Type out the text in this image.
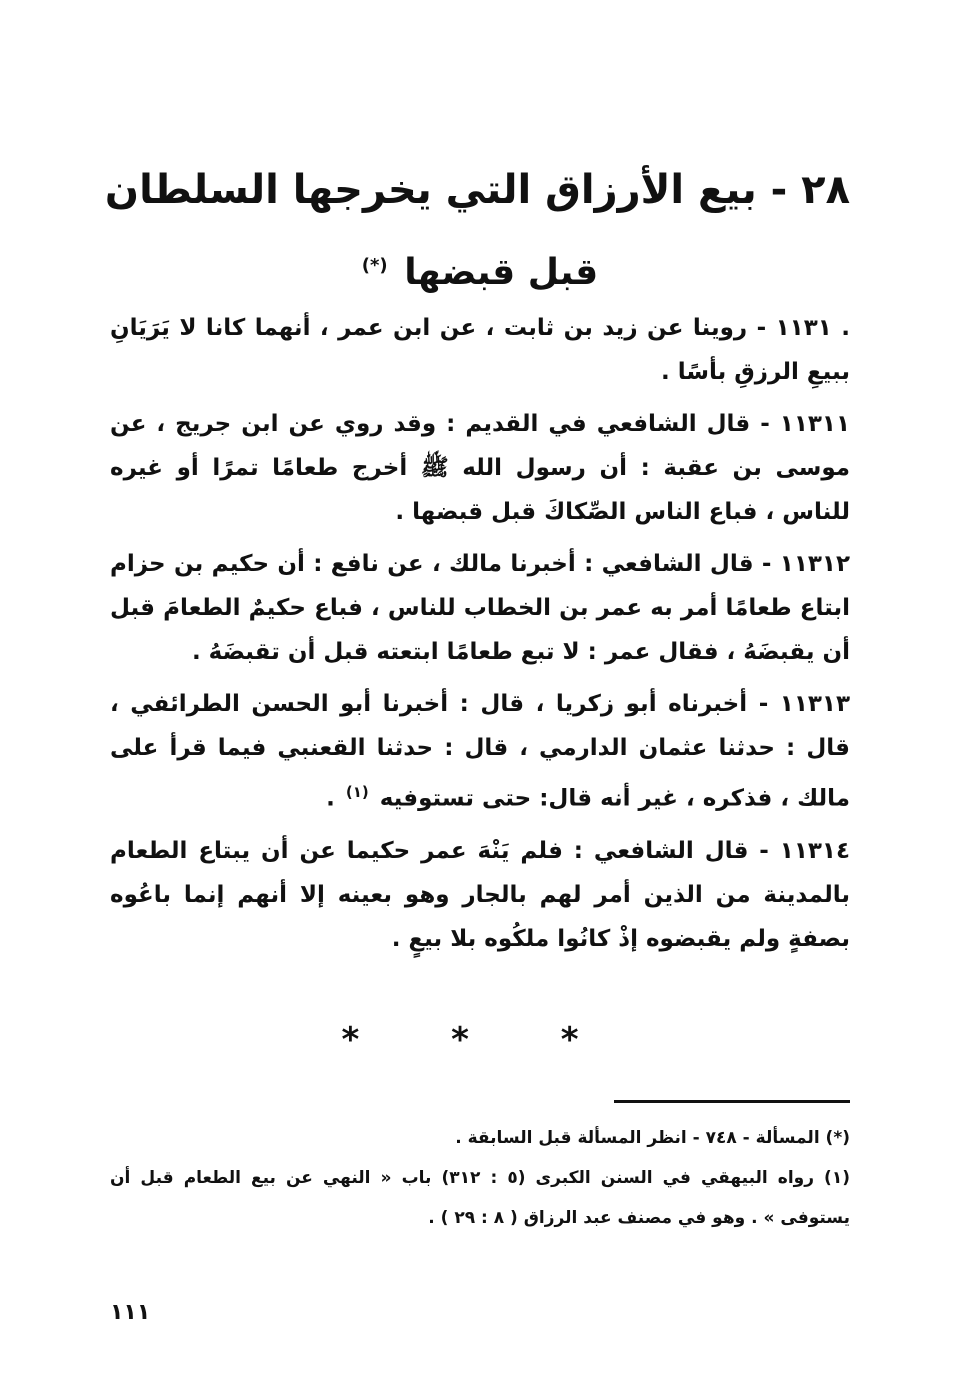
٢٨ - بيع الأرزاق التي يخرجها السلطان
قبل قبضها (*)

. ١١٣١ - روينا عن زيد بن ثابت ، عن ابن عمر ، أنهما كانا لا يَرَيَانِ ببيعِ الرزقِ بأسًا .

١١٣١١ - قال الشافعي في القديم : وقد روي عن ابن جريج ، عن موسى بن عقبة : أن رسول الله ﷺ أخرج طعامًا تمرًا أو غيره للناس ، فباع الناس الصِّكاكَ قبل قبضها .

١١٣١٢ - قال الشافعي : أخبرنا مالك ، عن نافع : أن حكيم بن حزام ابتاع طعامًا أمر به عمر بن الخطاب للناس ، فباع حكيمٌ الطعامَ قبل أن يقبضَهُ ، فقال عمر : لا تبع طعامًا ابتعته قبل أن تقبضَهُ .

١١٣١٣ - أخبرناه أبو زكريا ، قال : أخبرنا أبو الحسن الطرائفي ، قال : حدثنا عثمان الدارمي ، قال : حدثنا القعنبي فيما قرأ على مالك ، فذكره ، غير أنه قال: حتى تستوفيه $^{(١)}$ .

١١٣١٤ - قال الشافعي : فلم يَنْهَ عمر حكيما عن أن يبتاع الطعام بالمدينة من الذين أمر لهم بالجار وهو بعينه إلا أنهم إنما باعُوه بصفةٍ ولم يقبضوه إذْ كانُوا ملكُوه بلا بيعٍ .

* * *

(*) المسألة - ٧٤٨ - انظر المسألة قبل السابقة .

(١) رواه البيهقي في السنن الكبرى (٥ : ٣١٢) باب « النهي عن بيع الطعام قبل أن يستوفى » . وهو في مصنف عبد الرزاق ( ٨ : ٢٩ ) .

١١١
